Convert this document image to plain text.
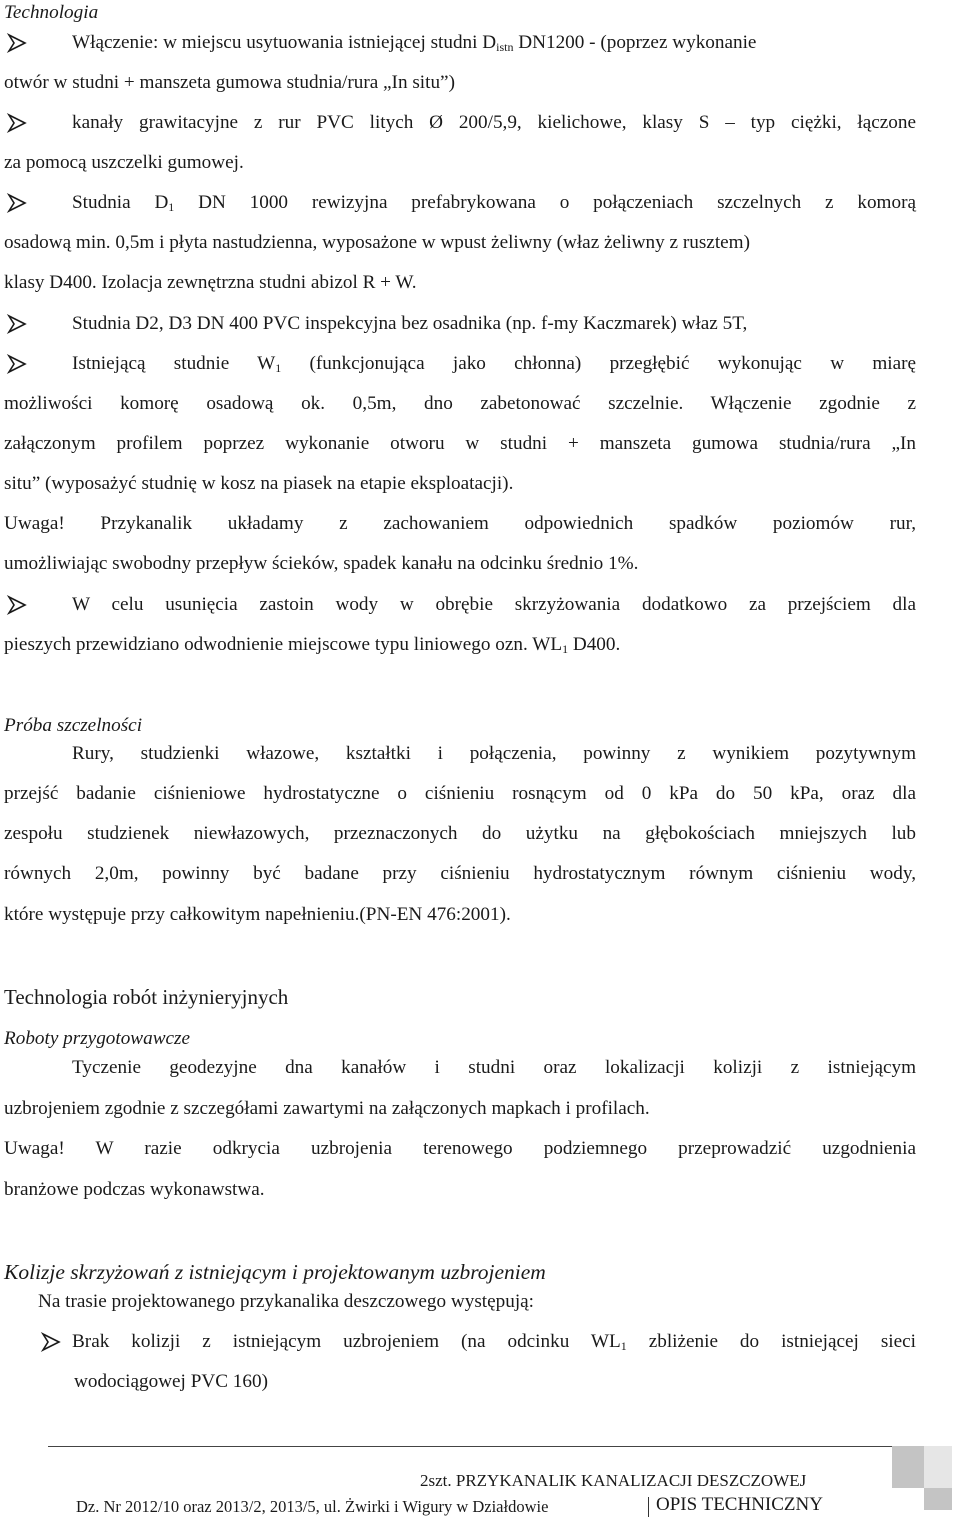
Technologia
Włączenie: w miejscu usytuowania istniejącej studni $D_{istn}$ DN1200 - (poprzez wykonanie
otwór w studni + manszeta gumowa studnia/rura „In situ”)
kanały grawitacyjne z rur PVC litych Ø 200/5,9, kielichowe, klasy S – typ ciężki, łączone
za pomocą uszczelki gumowej.
Studnia $D_1$ DN 1000 rewizyjna prefabrykowana o połączeniach szczelnych z komorą
osadową min. 0,5m i płyta nastudzienna, wyposażone w wpust żeliwny (właz żeliwny z rusztem)
klasy D400. Izolacja zewnętrzna studni abizol R + W.
Studnia D2, D3 DN 400 PVC inspekcyjna bez osadnika (np. f-my Kaczmarek) właz 5T,
Istniejącą studnie $W_1$ (funkcjonująca jako chłonna) przegłębić wykonując w miarę
możliwości komorę osadową ok. 0,5m, dno zabetonować szczelnie. Włączenie zgodnie z
załączonym profilem poprzez wykonanie otworu w studni + manszeta gumowa studnia/rura „In
situ” (wyposażyć studnię w kosz na piasek na etapie eksploatacji).
Uwaga! Przykanalik układamy z zachowaniem odpowiednich spadków poziomów rur,
umożliwiając swobodny przepływ ścieków, spadek kanału na odcinku średnio 1%.
W celu usunięcia zastoin wody w obrębie skrzyżowania dodatkowo za przejściem dla
pieszych przewidziano odwodnienie miejscowe typu liniowego ozn. $WL_1$ D400.
Próba szczelności
Rury, studzienki włazowe, kształtki i połączenia, powinny z wynikiem pozytywnym
przejść badanie ciśnieniowe hydrostatyczne o ciśnieniu rosnącym od 0 kPa do 50 kPa, oraz dla
zespołu studzienek niewłazowych, przeznaczonych do użytku na głębokościach mniejszych lub
równych 2,0m, powinny być badane przy ciśnieniu hydrostatycznym równym ciśnieniu wody,
które występuje przy całkowitym napełnieniu.(PN-EN 476:2001).
Technologia robót inżynieryjnych
Roboty przygotowawcze
Tyczenie geodezyjne dna kanałów i studni oraz lokalizacji kolizji z istniejącym
uzbrojeniem zgodnie z szczegółami zawartymi na załączonych mapkach i profilach.
Uwaga! W razie odkrycia uzbrojenia terenowego podziemnego przeprowadzić uzgodnienia
branżowe podczas wykonawstwa.
Kolizje skrzyżowań z istniejącym i projektowanym uzbrojeniem
Na trasie projektowanego przykanalika deszczowego występują:
Brak kolizji z istniejącym uzbrojeniem (na odcinku $WL_1$ zbliżenie do istniejącej sieci
wodociągowej PVC 160)
2szt. PRZYKANALIK KANALIZACJI DESZCZOWEJ
Dz. Nr 2012/10 oraz 2013/2, 2013/5, ul. Żwirki i Wigury w Działdowie	OPIS TECHNICZNY
